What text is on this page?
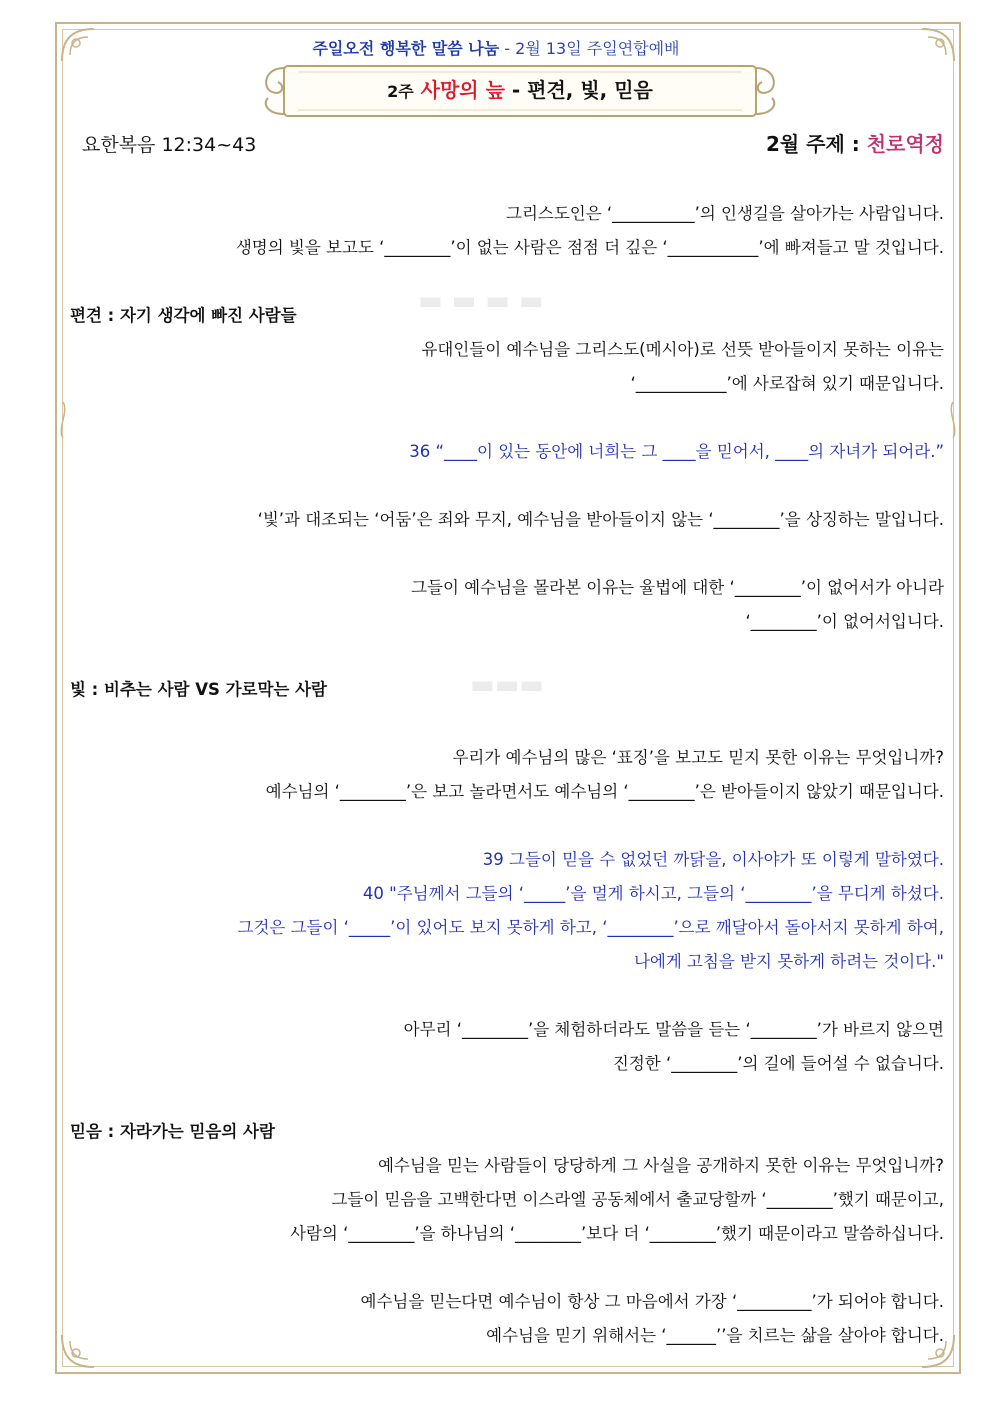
주일오전 행복한 말씀 나눔 - 2월 13일 주일연합예배
2주 사망의 늪 - 편견, 빛, 믿음
요한복음 12:34~43	2월 주제 : 천로역정
▬ ▬ ▬ ▬
▬▬▬
그리스도인은 ‘__________’의 인생길을 살아가는 사람입니다.
생명의 빛을 보고도 ‘________’이 없는 사람은 점점 더 깊은 ‘___________’에 빠져들고 말 것입니다.
편견 : 자기 생각에 빠진 사람들
유대인들이 예수님을 그리스도(메시아)로 선뜻 받아들이지 못하는 이유는
‘___________’에 사로잡혀 있기 때문입니다.
36 “____이 있는 동안에 너희는 그 ____을 믿어서, ____의 자녀가 되어라.”
‘빛’과 대조되는 ‘어둠’은 죄와 무지, 예수님을 받아들이지 않는 ‘________’을 상징하는 말입니다.
그들이 예수님을 몰라본 이유는 율법에 대한 ‘________’이 없어서가 아니라
‘________’이 없어서입니다.
빛 : 비추는 사람 VS 가로막는 사람
우리가 예수님의 많은 ‘표징’을 보고도 믿지 못한 이유는 무엇입니까?
예수님의 ‘________’은 보고 놀라면서도 예수님의 ‘________’은 받아들이지 않았기 때문입니다.
39 그들이 믿을 수 없었던 까닭을, 이사야가 또 이렇게 말하였다.
40 "주님께서 그들의 ‘_____’을 멀게 하시고, 그들의 ‘________’을 무디게 하셨다.
그것은 그들이 ‘_____’이 있어도 보지 못하게 하고, ‘________’으로 깨달아서 돌아서지 못하게 하여,
나에게 고침을 받지 못하게 하려는 것이다."
아무리 ‘________’을 체험하더라도 말씀을 듣는 ‘________’가 바르지 않으면
진정한 ‘________’의 길에 들어설 수 없습니다.
믿음 : 자라가는 믿음의 사람
예수님을 믿는 사람들이 당당하게 그 사실을 공개하지 못한 이유는 무엇입니까?
그들이 믿음을 고백한다면 이스라엘 공동체에서 출교당할까 ‘________’했기 때문이고,
사람의 ‘________’을 하나님의 ‘________’보다 더 ‘________’했기 때문이라고 말씀하십니다.
예수님을 믿는다면 예수님이 항상 그 마음에서 가장 ‘_________’가 되어야 합니다.
예수님을 믿기 위해서는 ‘______’’을 치르는 삶을 살아야 합니다.
